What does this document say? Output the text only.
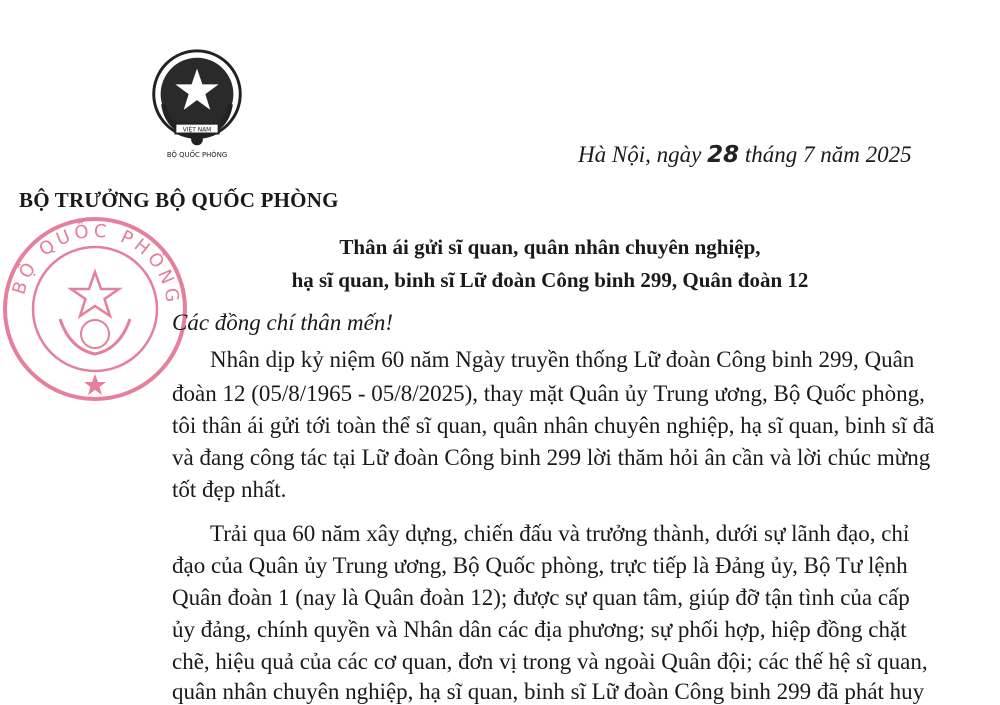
VIỆT NAM
BỘ QUỐC PHÒNG
BỘ QUỐC PHÒNG
Hà Nội, ngày 28 tháng 7 năm 2025
BỘ TRƯỞNG BỘ QUỐC PHÒNG
Thân ái gửi sĩ quan, quân nhân chuyên nghiệp,
hạ sĩ quan, binh sĩ Lữ đoàn Công binh 299, Quân đoàn 12
Các đồng chí thân mến!
Nhân dịp kỷ niệm 60 năm Ngày truyền thống Lữ đoàn Công binh 299, Quân
đoàn 12 (05/8/1965 - 05/8/2025), thay mặt Quân ủy Trung ương, Bộ Quốc phòng,
tôi thân ái gửi tới toàn thể sĩ quan, quân nhân chuyên nghiệp, hạ sĩ quan, binh sĩ đã
và đang công tác tại Lữ đoàn Công binh 299 lời thăm hỏi ân cần và lời chúc mừng
tốt đẹp nhất.
Trải qua 60 năm xây dựng, chiến đấu và trưởng thành, dưới sự lãnh đạo, chỉ
đạo của Quân ủy Trung ương, Bộ Quốc phòng, trực tiếp là Đảng ủy, Bộ Tư lệnh
Quân đoàn 1 (nay là Quân đoàn 12); được sự quan tâm, giúp đỡ tận tình của cấp
ủy đảng, chính quyền và Nhân dân các địa phương; sự phối hợp, hiệp đồng chặt
chẽ, hiệu quả của các cơ quan, đơn vị trong và ngoài Quân đội; các thế hệ sĩ quan,
quân nhân chuyên nghiệp, hạ sĩ quan, binh sĩ Lữ đoàn Công binh 299 đã phát huy
